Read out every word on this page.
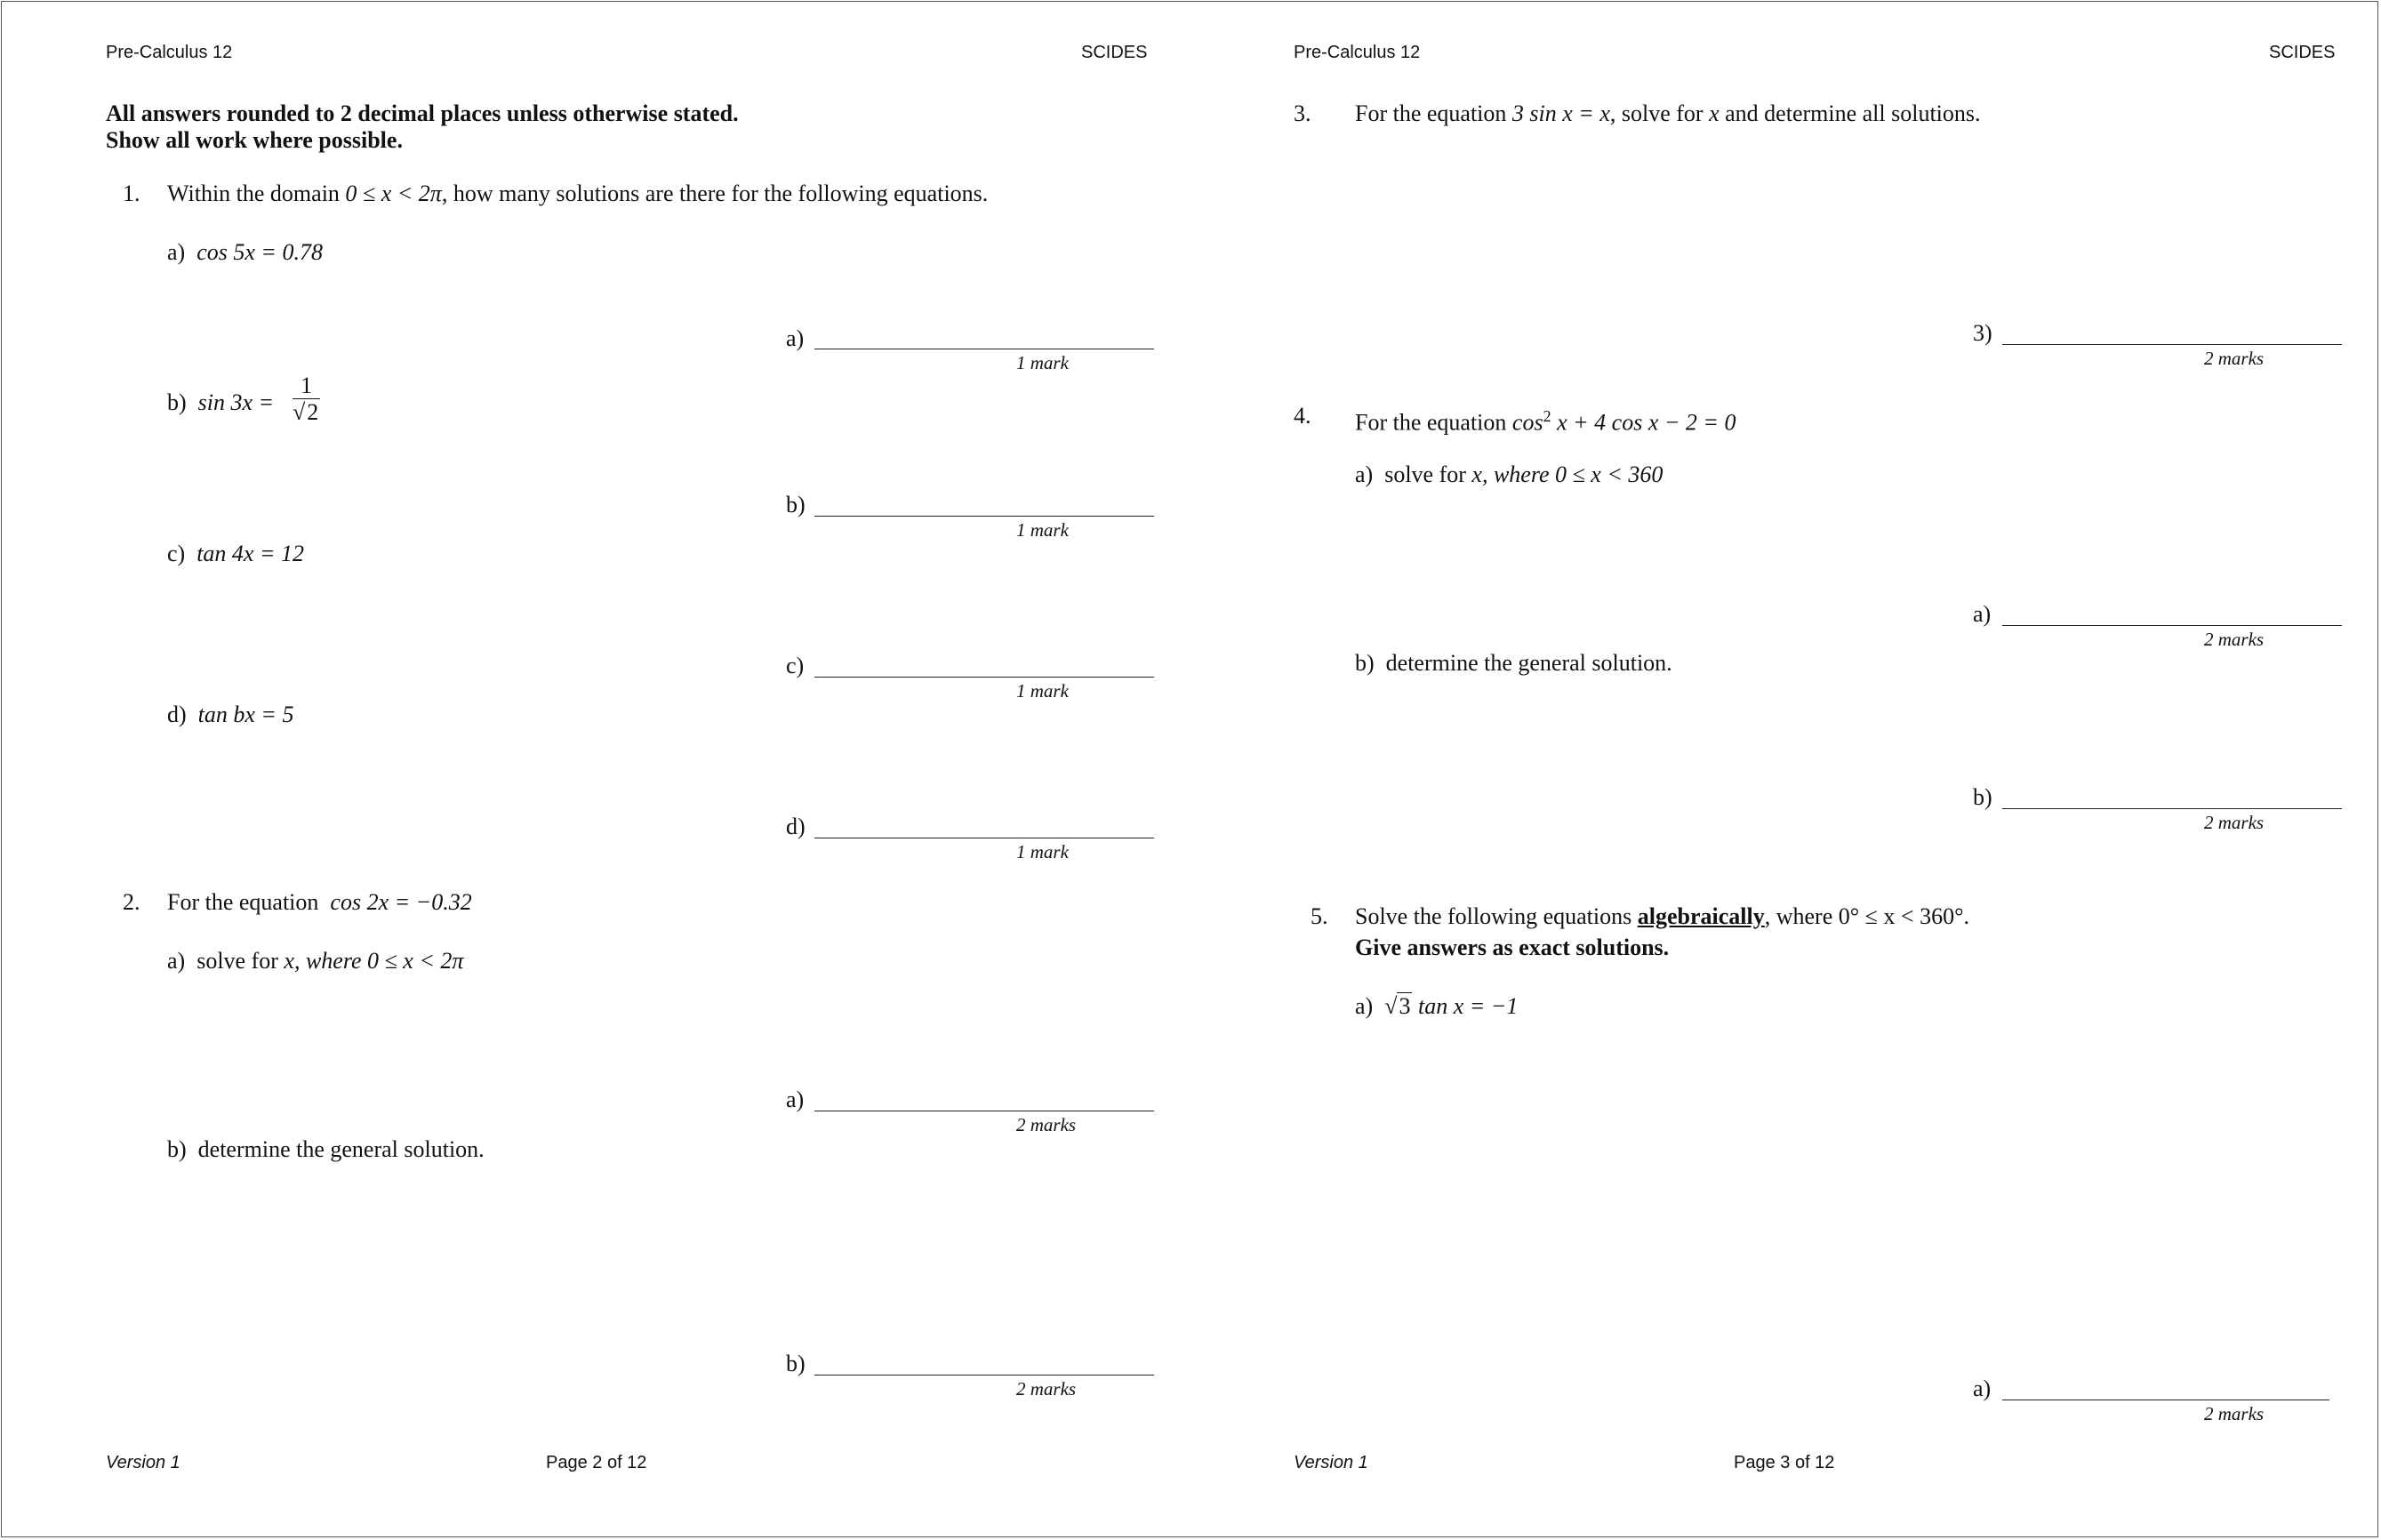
Pre-Calculus 12	SCIDES
All answers rounded to 2 decimal places unless otherwise stated.
Show all work where possible.
1. Within the domain 0 ≤ x < 2π, how many solutions are there for the following equations.
a) cos 5x = 0.78
a)
1 mark
b) $\sin 3x = \frac{1}{√2}$
b)
1 mark
c) tan 4x = 12
c)
1 mark
d) tan bx = 5
d)
1 mark
2. For the equation cos 2x = −0.32
a) solve for x, where 0 ≤ x < 2π
a)
2 marks
b) determine the general solution.
b)
2 marks
Version 1	Page 2 of 12
Pre-Calculus 12	SCIDES
3. For the equation 3 sin x = x, solve for x and determine all solutions.
3)
2 marks
4. For the equation $\cos^2 x + 4$ cos x − 2 = 0
a) solve for x, where 0 ≤ x < 360
a)
2 marks
b) determine the general solution.
b)
2 marks
5. Solve the following equations algebraically, where 0° ≤ x < 360°.
Give answers as exact solutions.
a) √3 tan x = −1
a)
2 marks
Version 1	Page 3 of 12
